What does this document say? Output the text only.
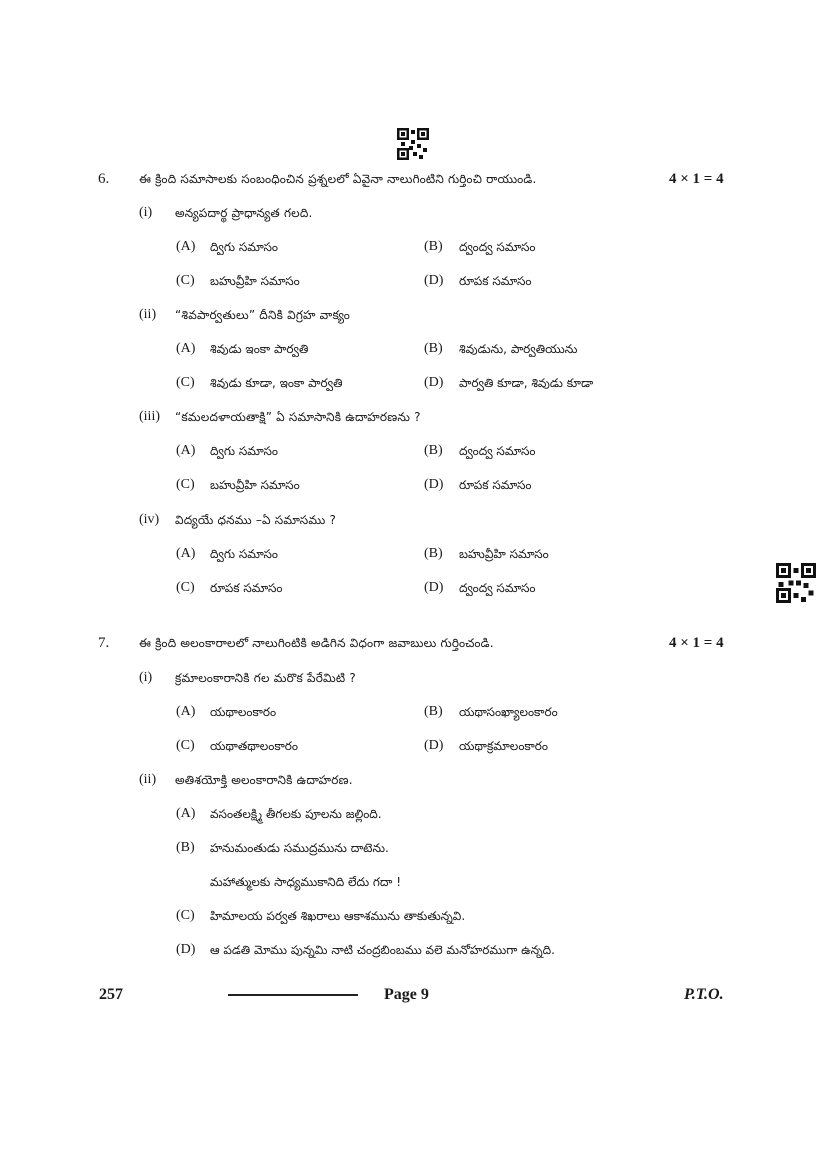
6. ఈ క్రింది సమాసాలకు సంబంధించిన ప్రశ్నలలో ఏవైనా నాలుగింటిని గుర్తించి రాయుండి.	4 × 1 = 4
(i) అన్యపదార్థ ప్రాధాన్యత గలది.
(A) ద్విగు సమాసం	(B) ద్వంద్వ సమాసం
(C) బహువ్రీహి సమాసం	(D) రూపక సమాసం
(ii) “శివపార్వతులు” దీనికి విగ్రహ వాక్యం
(A) శివుడు ఇంకా పార్వతి	(B) శివుడును, పార్వతియును
(C) శివుడు కూడా, ఇంకా పార్వతి	(D) పార్వతి కూడా, శివుడు కూడా
(iii) “కమలదళాయతాక్షి” ఏ సమాసానికి ఉదాహరణను ?
(A) ద్విగు సమాసం	(B) ద్వంద్వ సమాసం
(C) బహువ్రీహి సమాసం	(D) రూపక సమాసం
(iv) విద్యయే ధనము –ఏ సమాసము ?
(A) ద్విగు సమాసం	(B) బహువ్రీహి సమాసం
(C) రూపక సమాసం	(D) ద్వంద్వ సమాసం
7. ఈ క్రింది అలంకారాలలో నాలుగింటికి అడిగిన విధంగా జవాబులు గుర్తించండి.	4 × 1 = 4
(i) క్రమాలంకారానికి గల మరొక పేరేమిటి ?
(A) యథాలంకారం	(B) యథాసంఖ్యాలంకారం
(C) యథాతథాలంకారం	(D) యథాక్రమాలంకారం
(ii) అతిశయోక్తి అలంకారానికి ఉదాహరణ.
(A) వసంతలక్ష్మి తీగలకు పూలను జల్లింది.
(B) హనుమంతుడు సముద్రమును దాటెను.
మహాత్ములకు సాధ్యముకానిది లేదు గదా !
(C) హిమాలయ పర్వత శిఖరాలు ఆకాశమును తాకుతున్నవి.
(D) ఆ పడతి మోము పున్నమి నాటి చంద్రబింబము వలె మనోహరముగా ఉన్నది.
257	Page 9	P.T.O.
